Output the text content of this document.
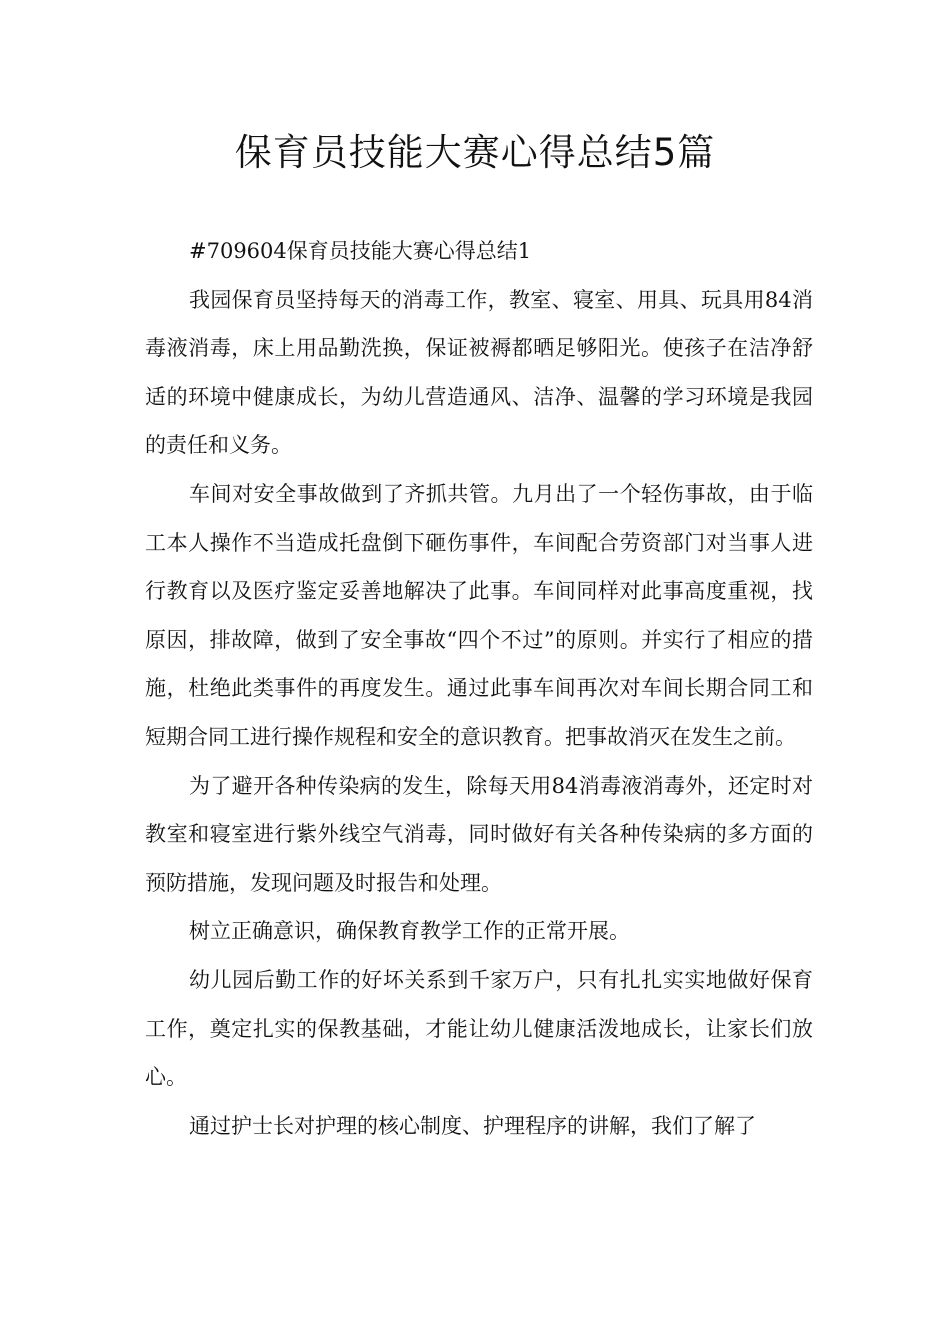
保育员技能大赛心得总结5篇

#709604保育员技能大赛心得总结1

我园保育员坚持每天的消毒工作，教室、寝室、用具、玩具用84消毒液消毒，床上用品勤洗换，保证被褥都晒足够阳光。使孩子在洁净舒适的环境中健康成长，为幼儿营造通风、洁净、温馨的学习环境是我园的责任和义务。

车间对安全事故做到了齐抓共管。九月出了一个轻伤事故，由于临工本人操作不当造成托盘倒下砸伤事件，车间配合劳资部门对当事人进行教育以及医疗鉴定妥善地解决了此事。车间同样对此事高度重视，找原因，排故障，做到了安全事故“四个不过”的原则。并实行了相应的措施，杜绝此类事件的再度发生。通过此事车间再次对车间长期合同工和短期合同工进行操作规程和安全的意识教育。把事故消灭在发生之前。

为了避开各种传染病的发生，除每天用84消毒液消毒外，还定时对教室和寝室进行紫外线空气消毒，同时做好有关各种传染病的多方面的预防措施，发现问题及时报告和处理。

树立正确意识，确保教育教学工作的正常开展。

幼儿园后勤工作的好坏关系到千家万户，只有扎扎实实地做好保育工作，奠定扎实的保教基础，才能让幼儿健康活泼地成长，让家长们放心。

通过护士长对护理的核心制度、护理程序的讲解，我们了解了
